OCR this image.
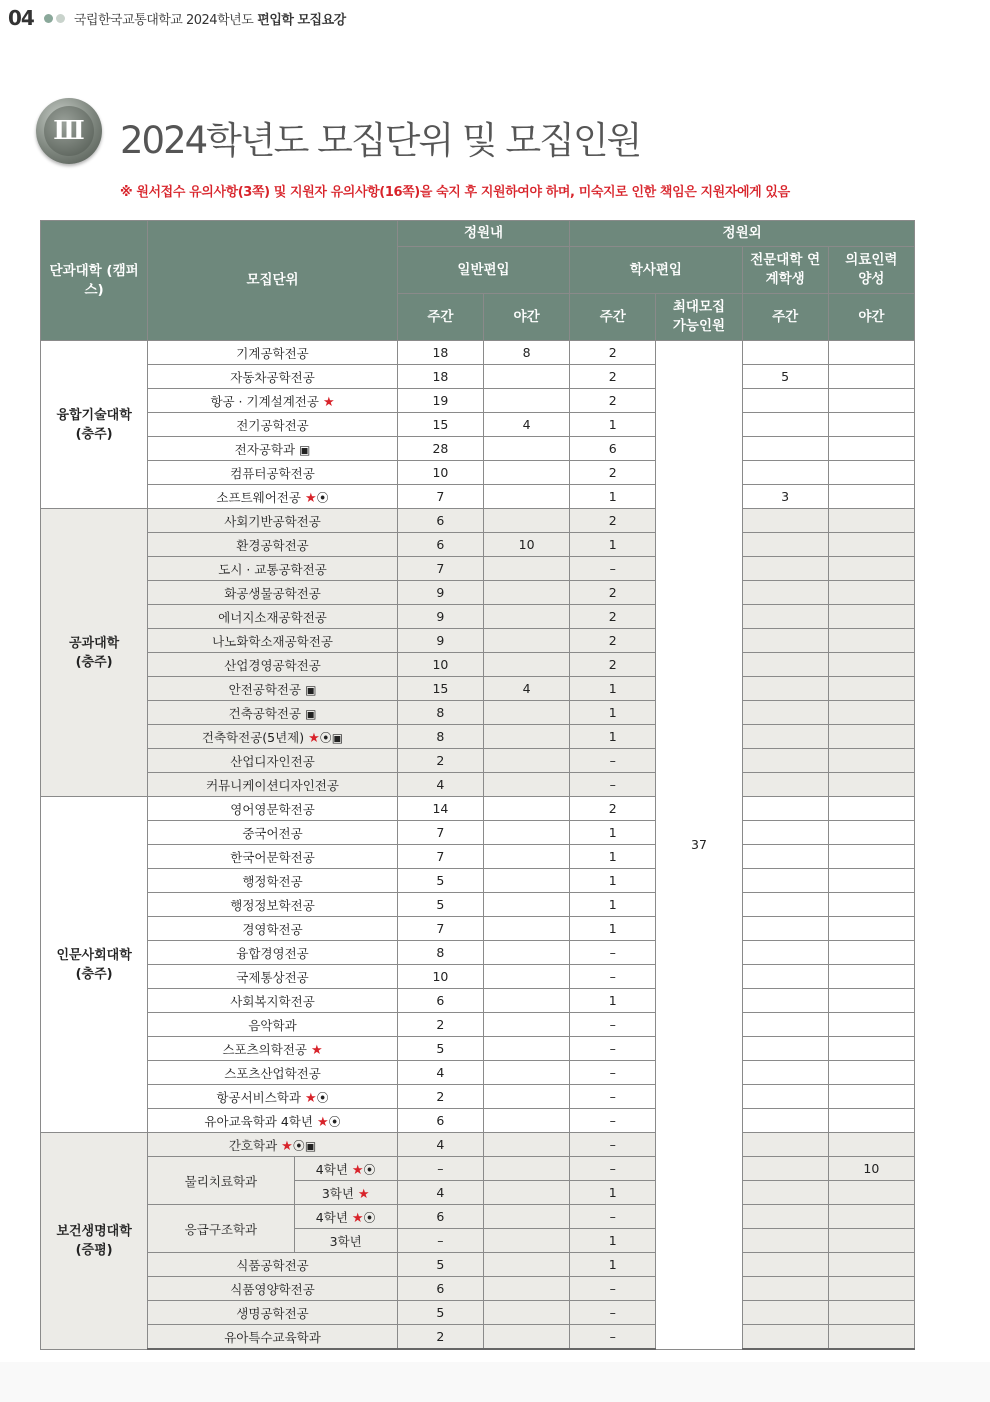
04	국립한국교통대학교 2024학년도 편입학 모집요강
Ⅲ 2024학년도 모집단위 및 모집인원
※ 원서접수 유의사항(3쪽) 및 지원자 유의사항(16쪽)을 숙지 후 지원하여야 하며, 미숙지로 인한 책임은 지원자에게 있음
단과대학 (캠퍼스)	모집단위		정원내		정원외			
			일반편입		학사편입		전문대학 연계학생	의료인력 양성
			주간	야간	주간	최대모집 가능인원	주간	야간
융합기술대학
(충주)	기계공학전공		18	8	2	37		
	자동차공학전공		18		2		5	
	항공 · 기계설계전공 ★		19		2			
	전기공학전공		15	4	1			
	전자공학과 ▣		28		6			
	컴퓨터공학전공		10		2			
	소프트웨어전공 ★⦿		7		1		3	
공과대학
(충주)	사회기반공학전공		6		2			
	환경공학전공		6	10	1			
	도시 · 교통공학전공		7		–			
	화공생물공학전공		9		2			
	에너지소재공학전공		9		2			
	나노화학소재공학전공		9		2			
	산업경영공학전공		10		2			
	안전공학전공 ▣		15	4	1			
	건축공학전공 ▣		8		1			
	건축학전공(5년제) ★⦿▣		8		1			
	산업디자인전공		2		–			
	커뮤니케이션디자인전공		4		–			
인문사회대학
(충주)	영어영문학전공		14		2			
	중국어전공		7		1			
	한국어문학전공		7		1			
	행정학전공		5		1			
	행정정보학전공		5		1			
	경영학전공		7		1			
	융합경영전공		8		–			
	국제통상전공		10		–			
	사회복지학전공		6		1			
	음악학과		2		–			
	스포츠의학전공 ★		5		–			
	스포츠산업학전공		4		–			
	항공서비스학과 ★⦿		2		–			
	유아교육학과 4학년 ★⦿		6		–			
보건생명대학
(증평)	간호학과 ★⦿▣		4		–			
	물리치료학과	4학년 ★⦿	–		–			10
		3학년 ★	4		1			
	응급구조학과	4학년 ★⦿	6		–			
		3학년	–		1			
	식품공학전공		5		1			
	식품영양학전공		6		–			
	생명공학전공		5		–			
	유아특수교육학과		2		–			
